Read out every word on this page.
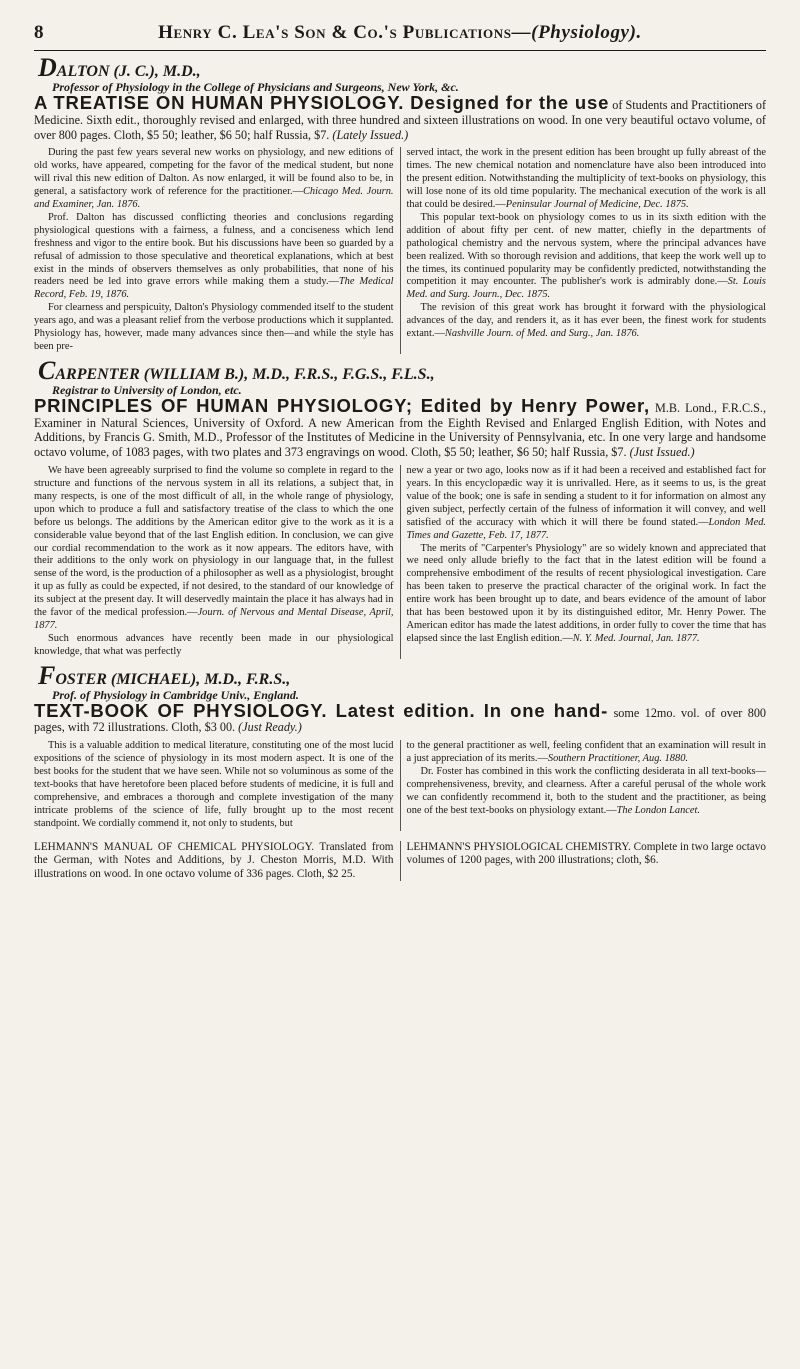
8	Henry C. Lea's Son & Co.'s Publications—(Physiology).
DALTON (J. C.), M.D.,
Professor of Physiology in the College of Physicians and Surgeons, New York, &c.

A TREATISE ON HUMAN PHYSIOLOGY. Designed for the use of Students and Practitioners of Medicine. Sixth edit., thoroughly revised and enlarged, with three hundred and sixteen illustrations on wood. In one very beautiful octavo volume, of over 800 pages. Cloth, $5 50; leather, $6 50; half Russia, $7. (Lately Issued.)

During the past few years several new works on physiology, and new editions of old works, have appeared, competing for the favor of the medical student, but none will rival this new edition of Dalton. As now enlarged, it will be found also to be, in general, a satisfactory work of reference for the practitioner.—Chicago Med. Journ. and Examiner, Jan. 1876.

Prof. Dalton has discussed conflicting theories and conclusions regarding physiological questions with a fairness, a fulness, and a conciseness which lend freshness and vigor to the entire book. But his discussions have been so guarded by a refusal of admission to those speculative and theoretical explanations, which at best exist in the minds of observers themselves as only probabilities, that none of his readers need be led into grave errors while making them a study.—The Medical Record, Feb. 19, 1876.

For clearness and perspicuity, Dalton's Physiology commended itself to the student years ago, and was a pleasant relief from the verbose productions which it supplanted. Physiology has, however, made many advances since then—and while the style has been pre-

served intact, the work in the present edition has been brought up fully abreast of the times. The new chemical notation and nomenclature have also been introduced into the present edition. Notwithstanding the multiplicity of text-books on physiology, this will lose none of its old time popularity. The mechanical execution of the work is all that could be desired.—Peninsular Journal of Medicine, Dec. 1875.

This popular text-book on physiology comes to us in its sixth edition with the addition of about fifty per cent. of new matter, chiefly in the departments of pathological chemistry and the nervous system, where the principal advances have been realized. With so thorough revision and additions, that keep the work well up to the times, its continued popularity may be confidently predicted, notwithstanding the competition it may encounter. The publisher's work is admirably done.—St. Louis Med. and Surg. Journ., Dec. 1875.

The revision of this great work has brought it forward with the physiological advances of the day, and renders it, as it has ever been, the finest work for students extant.—Nashville Journ. of Med. and Surg., Jan. 1876.

CARPENTER (WILLIAM B.), M.D., F.R.S., F.G.S., F.L.S.,
Registrar to University of London, etc.

PRINCIPLES OF HUMAN PHYSIOLOGY; Edited by Henry Power, M.B. Lond., F.R.C.S., Examiner in Natural Sciences, University of Oxford. A new American from the Eighth Revised and Enlarged English Edition, with Notes and Additions, by Francis G. Smith, M.D., Professor of the Institutes of Medicine in the University of Pennsylvania, etc. In one very large and handsome octavo volume, of 1083 pages, with two plates and 373 engravings on wood. Cloth, $5 50; leather, $6 50; half Russia, $7. (Just Issued.)

We have been agreeably surprised to find the volume so complete in regard to the structure and functions of the nervous system in all its relations, a subject that, in many respects, is one of the most difficult of all, in the whole range of physiology, upon which to produce a full and satisfactory treatise of the class to which the one before us belongs. The additions by the American editor give to the work as it is a considerable value beyond that of the last English edition. In conclusion, we can give our cordial recommendation to the work as it now appears. The editors have, with their additions to the only work on physiology in our language that, in the fullest sense of the word, is the production of a philosopher as well as a physiologist, brought it up as fully as could be expected, if not desired, to the standard of our knowledge of its subject at the present day. It will deservedly maintain the place it has always had in the favor of the medical profession.—Journ. of Nervous and Mental Disease, April, 1877.

Such enormous advances have recently been made in our physiological knowledge, that what was perfectly

new a year or two ago, looks now as if it had been a received and established fact for years. In this encyclopædic way it is unrivalled. Here, as it seems to us, is the great value of the book; one is safe in sending a student to it for information on almost any given subject, perfectly certain of the fulness of information it will convey, and well satisfied of the accuracy with which it will there be found stated.—London Med. Times and Gazette, Feb. 17, 1877.

The merits of "Carpenter's Physiology" are so widely known and appreciated that we need only allude briefly to the fact that in the latest edition will be found a comprehensive embodiment of the results of recent physiological investigation. Care has been taken to preserve the practical character of the original work. In fact the entire work has been brought up to date, and bears evidence of the amount of labor that has been bestowed upon it by its distinguished editor, Mr. Henry Power. The American editor has made the latest additions, in order fully to cover the time that has elapsed since the last English edition.—N. Y. Med. Journal, Jan. 1877.

FOSTER (MICHAEL), M.D., F.R.S.,
Prof. of Physiology in Cambridge Univ., England.

TEXT-BOOK OF PHYSIOLOGY. Latest edition. In one hand- some 12mo. vol. of over 800 pages, with 72 illustrations. Cloth, $3 00. (Just Ready.)

This is a valuable addition to medical literature, constituting one of the most lucid expositions of the science of physiology in its most modern aspect. It is one of the best books for the student that we have seen. While not so voluminous as some of the text-books that have heretofore been placed before students of medicine, it is full and comprehensive, and embraces a thorough and complete investigation of the many intricate problems of the science of life, fully brought up to the most recent standpoint. We cordially commend it, not only to students, but

to the general practitioner as well, feeling confident that an examination will result in a just appreciation of its merits.—Southern Practitioner, Aug. 1880.

Dr. Foster has combined in this work the conflicting desiderata in all text-books—comprehensiveness, brevity, and clearness. After a careful perusal of the whole work we can confidently recommend it, both to the student and the practitioner, as being one of the best text-books on physiology extant.—The London Lancet.

LEHMANN'S MANUAL OF CHEMICAL PHYSIOLOGY. Translated from the German, with Notes and Additions, by J. Cheston Morris, M.D. With illustrations on wood. In one octavo volume of 336 pages. Cloth, $2 25.

LEHMANN'S PHYSIOLOGICAL CHEMISTRY. Complete in two large octavo volumes of 1200 pages, with 200 illustrations; cloth, $6.
